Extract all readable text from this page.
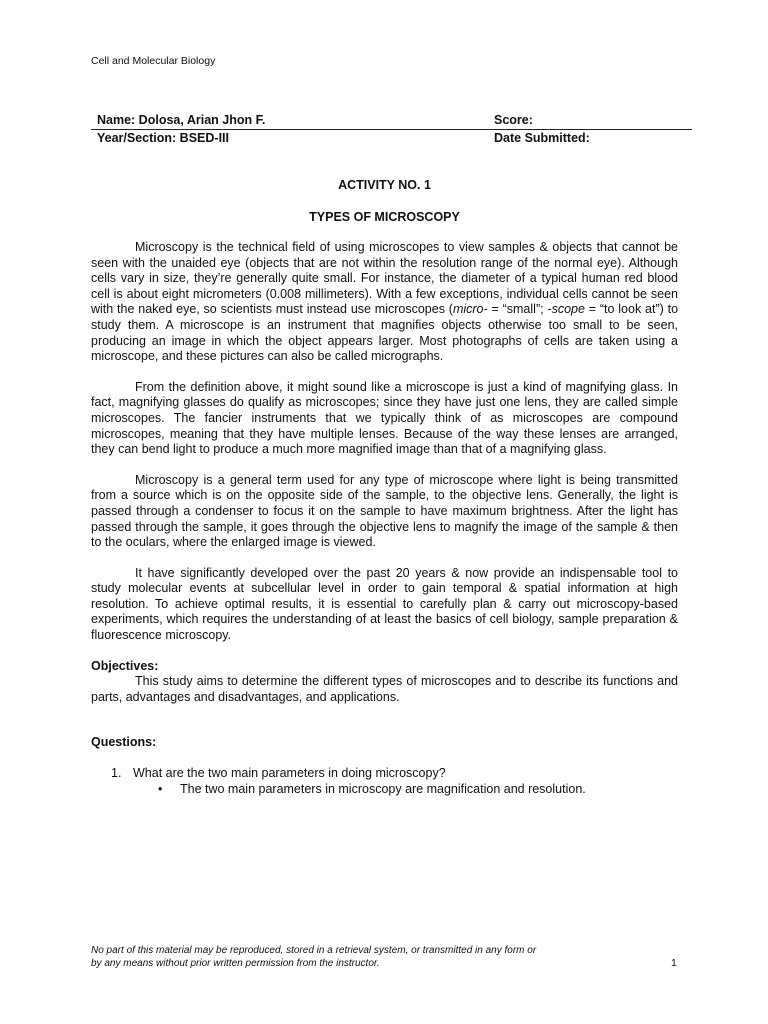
Cell and Molecular Biology
Name: Dolosa, Arian Jhon F.	Score:
Year/Section: BSED-III	Date Submitted:
ACTIVITY NO. 1
TYPES OF MICROSCOPY

Microscopy is the technical field of using microscopes to view samples & objects that cannot be seen with the unaided eye (objects that are not within the resolution range of the normal eye). Although cells vary in size, they’re generally quite small. For instance, the diameter of a typical human red blood cell is about eight micrometers (0.008 millimeters). With a few exceptions, individual cells cannot be seen with the naked eye, so scientists must instead use microscopes (micro- = “small”; -scope = “to look at”) to study them. A microscope is an instrument that magnifies objects otherwise too small to be seen, producing an image in which the object appears larger. Most photographs of cells are taken using a microscope, and these pictures can also be called micrographs.

From the definition above, it might sound like a microscope is just a kind of magnifying glass. In fact, magnifying glasses do qualify as microscopes; since they have just one lens, they are called simple microscopes. The fancier instruments that we typically think of as microscopes are compound microscopes, meaning that they have multiple lenses. Because of the way these lenses are arranged, they can bend light to produce a much more magnified image than that of a magnifying glass.

Microscopy is a general term used for any type of microscope where light is being transmitted from a source which is on the opposite side of the sample, to the objective lens. Generally, the light is passed through a condenser to focus it on the sample to have maximum brightness. After the light has passed through the sample, it goes through the objective lens to magnify the image of the sample & then to the oculars, where the enlarged image is viewed.

It have significantly developed over the past 20 years & now provide an indispensable tool to study molecular events at subcellular level in order to gain temporal & spatial information at high resolution. To achieve optimal results, it is essential to carefully plan & carry out microscopy-based experiments, which requires the understanding of at least the basics of cell biology, sample preparation & fluorescence microscopy.

Objectives:

This study aims to determine the different types of microscopes and to describe its functions and parts, advantages and disadvantages, and applications.

Questions:
1. What are the two main parameters in doing microscopy?
•	The two main parameters in microscopy are magnification and resolution.
No part of this material may be reproduced, stored in a retrieval system, or transmitted in any form or
by any means without prior written permission from the instructor.	1
